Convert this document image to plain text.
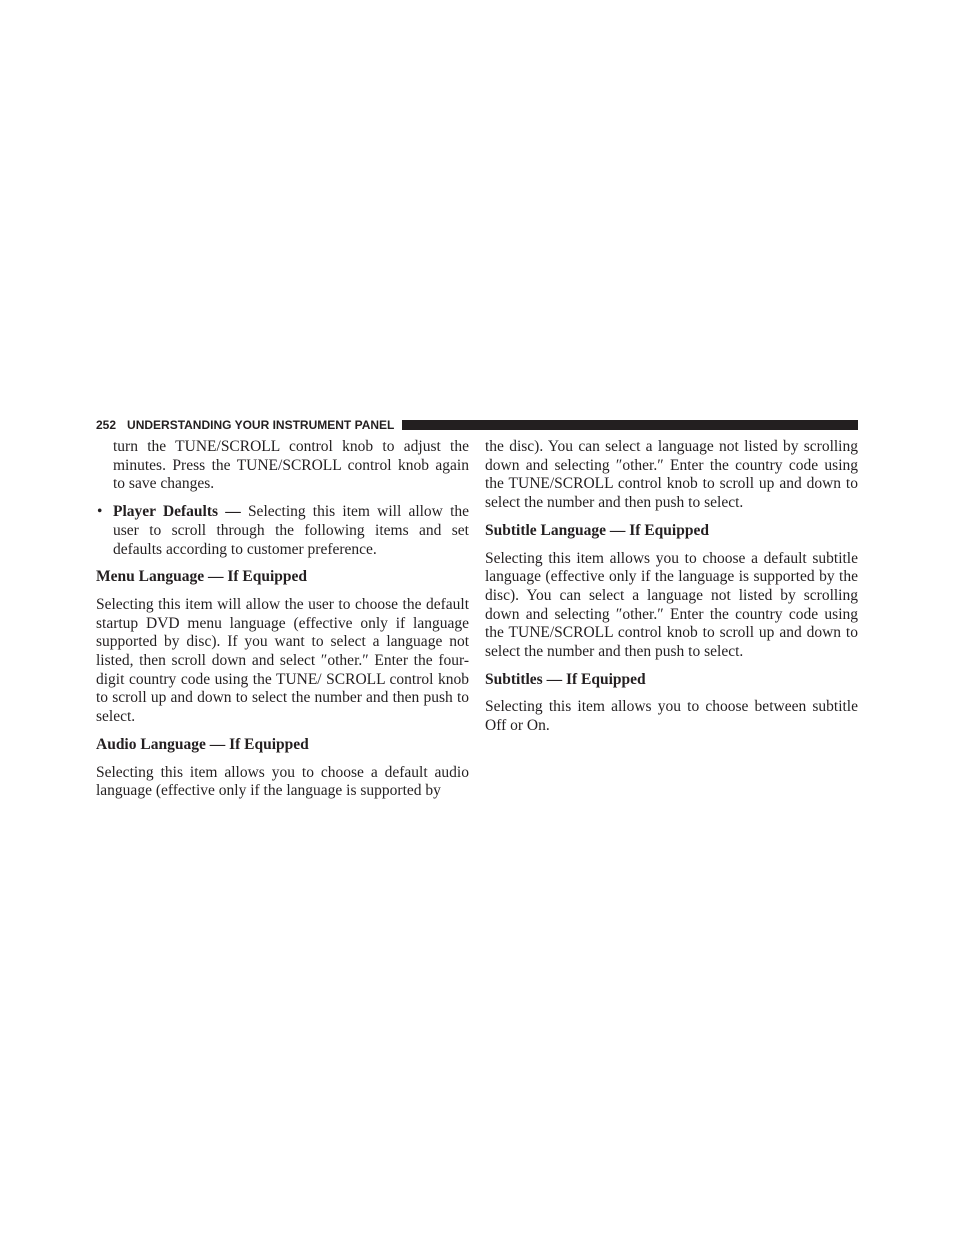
252 UNDERSTANDING YOUR INSTRUMENT PANEL

turn the TUNE/SCROLL control knob to adjust the minutes. Press the TUNE/SCROLL control knob again to save changes.

• Player Defaults — Selecting this item will allow the user to scroll through the following items and set defaults according to customer preference.
Menu Language — If Equipped

Selecting this item will allow the user to choose the default startup DVD menu language (effective only if language supported by disc). If you want to select a language not listed, then scroll down and select ″other.″ Enter the four-digit country code using the TUNE/ SCROLL control knob to scroll up and down to select the number and then push to select.

Audio Language — If Equipped

Selecting this item allows you to choose a default audio language (effective only if the language is supported by

the disc). You can select a language not listed by scrolling down and selecting ″other.″ Enter the country code using the TUNE/SCROLL control knob to scroll up and down to select the number and then push to select.

Subtitle Language — If Equipped

Selecting this item allows you to choose a default subtitle language (effective only if the language is supported by the disc). You can select a language not listed by scrolling down and selecting ″other.″ Enter the country code using the TUNE/SCROLL control knob to scroll up and down to select the number and then push to select.

Subtitles — If Equipped

Selecting this item allows you to choose between subtitle Off or On.
